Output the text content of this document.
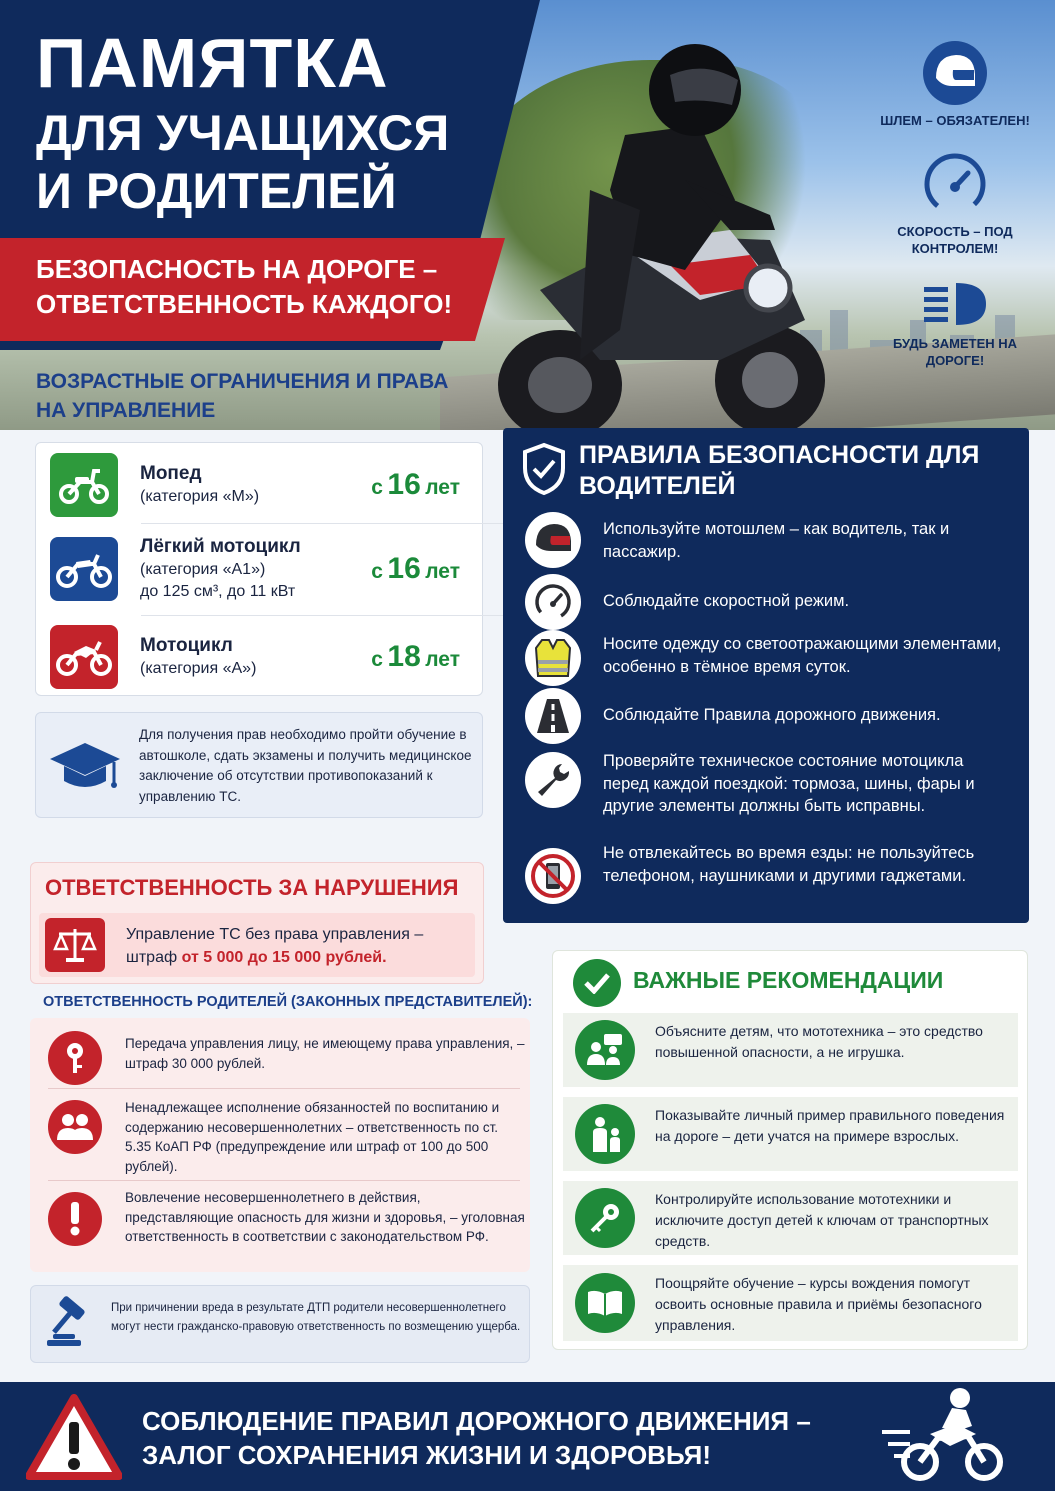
ПАМЯТКА
ДЛЯ УЧАЩИХСЯ
И РОДИТЕЛЕЙ
БЕЗОПАСНОСТЬ НА ДОРОГЕ – ОТВЕТСТВЕННОСТЬ КАЖДОГО!
ШЛЕМ – ОБЯЗАТЕЛЕН!
СКОРОСТЬ – ПОД КОНТРОЛЕМ!
БУДЬ ЗАМЕТЕН НА ДОРОГЕ!
ВОЗРАСТНЫЕ ОГРАНИЧЕНИЯ И ПРАВА НА УПРАВЛЕНИЕ
Мопед
(категория «М»)	с 16 лет
Лёгкий мотоцикл
(категория «А1»)
до 125 см³, до 11 кВт
с 16 лет
Мотоцикл
(категория «А»)	с 18 лет
Для получения прав необходимо пройти обучение в автошколе, сдать экзамены и получить медицинское заключение об отсутствии противопоказаний к управлению ТС.
ОТВЕТСТВЕННОСТЬ ЗА НАРУШЕНИЯ
Управление ТС без права управления –
штраф от 5 000 до 15 000 рублей.
ОТВЕТСТВЕННОСТЬ РОДИТЕЛЕЙ (ЗАКОННЫХ ПРЕДСТАВИТЕЛЕЙ):
Передача управления лицу, не имеющему права управления, – штраф 30 000 рублей.
Ненадлежащее исполнение обязанностей по воспитанию и содержанию несовершеннолетних – ответственность по ст. 5.35 КоАП РФ (предупреждение или штраф от 100 до 500 рублей).
Вовлечение несовершеннолетнего в действия, представляющие опасность для жизни и здоровья, – уголовная ответственность в соответствии с законодательством РФ.
При причинении вреда в результате ДТП родители несовершеннолетнего могут нести гражданско-правовую ответственность по возмещению ущерба.
ПРАВИЛА БЕЗОПАСНОСТИ ДЛЯ ВОДИТЕЛЕЙ
Используйте мотошлем – как водитель, так и пассажир.
Соблюдайте скоростной режим.
Носите одежду со светоотражающими элементами, особенно в тёмное время суток.
Соблюдайте Правила дорожного движения.
Проверяйте техническое состояние мотоцикла перед каждой поездкой: тормоза, шины, фары и другие элементы должны быть исправны.
Не отвлекайтесь во время езды: не пользуйтесь телефоном, наушниками и другими гаджетами.
ВАЖНЫЕ РЕКОМЕНДАЦИИ
Объясните детям, что мототехника – это средство повышенной опасности, а не игрушка.
Показывайте личный пример правильного поведения на дороге – дети учатся на примере взрослых.
Контролируйте использование мототехники и исключите доступ детей к ключам от транспортных средств.
Поощряйте обучение – курсы вождения помогут освоить основные правила и приёмы безопасного управления.
СОБЛЮДЕНИЕ ПРАВИЛ ДОРОЖНОГО ДВИЖЕНИЯ –
ЗАЛОГ СОХРАНЕНИЯ ЖИЗНИ И ЗДОРОВЬЯ!
